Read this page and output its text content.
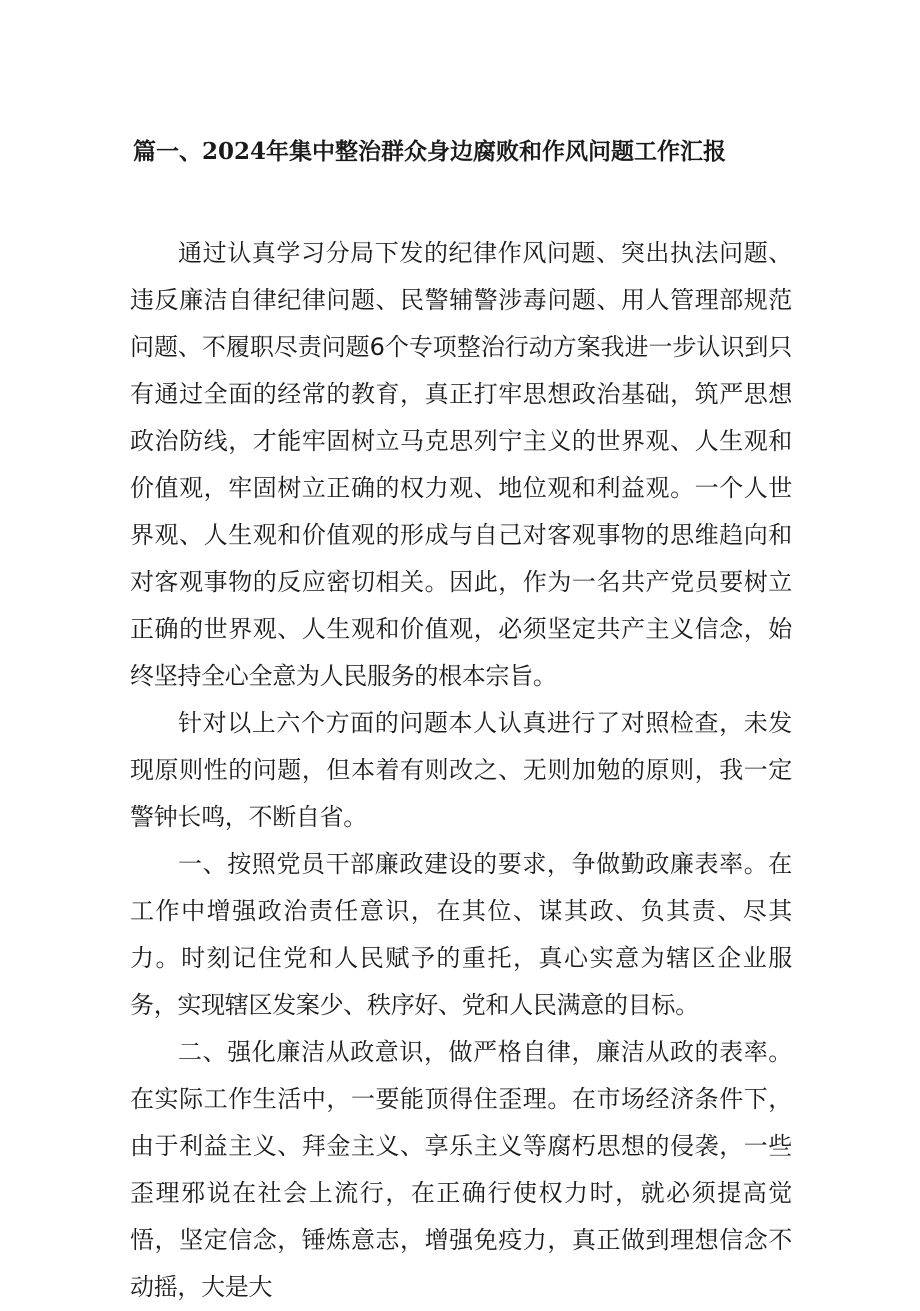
篇一、2024年集中整治群众身边腐败和作风问题工作汇报

通过认真学习分局下发的纪律作风问题、突出执法问题、违反廉洁自律纪律问题、民警辅警涉毒问题、用人管理部规范问题、不履职尽责问题6个专项整治行动方案我进一步认识到只有通过全面的经常的教育，真正打牢思想政治基础，筑严思想政治防线，才能牢固树立马克思列宁主义的世界观、人生观和价值观，牢固树立正确的权力观、地位观和利益观。一个人世界观、人生观和价值观的形成与自己对客观事物的思维趋向和对客观事物的反应密切相关。因此，作为一名共产党员要树立正确的世界观、人生观和价值观，必须坚定共产主义信念，始终坚持全心全意为人民服务的根本宗旨。

针对以上六个方面的问题本人认真进行了对照检查，未发现原则性的问题，但本着有则改之、无则加勉的原则，我一定警钟长鸣，不断自省。

一、按照党员干部廉政建设的要求，争做勤政廉表率。在工作中增强政治责任意识，在其位、谋其政、负其责、尽其力。时刻记住党和人民赋予的重托，真心实意为辖区企业服务，实现辖区发案少、秩序好、党和人民满意的目标。

二、强化廉洁从政意识，做严格自律，廉洁从政的表率。在实际工作生活中，一要能顶得住歪理。在市场经济条件下，由于利益主义、拜金主义、享乐主义等腐朽思想的侵袭，一些歪理邪说在社会上流行，在正确行使权力时，就必须提高觉悟，坚定信念，锤炼意志，增强免疫力，真正做到理想信念不动摇，大是大
